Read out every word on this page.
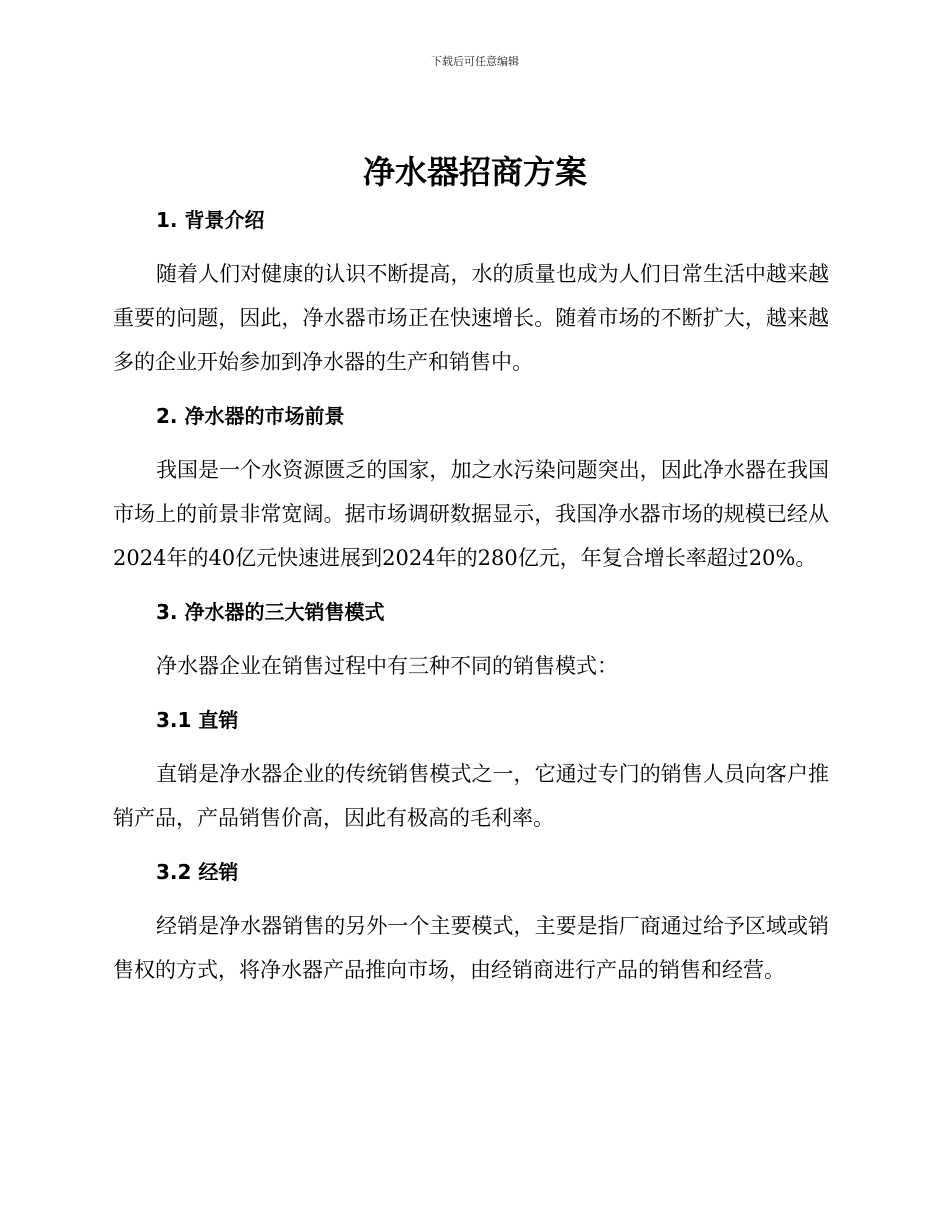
下载后可任意编辑
净水器招商方案
1. 背景介绍

随着人们对健康的认识不断提高，水的质量也成为人们日常生活中越来越重要的问题，因此，净水器市场正在快速增长。随着市场的不断扩大，越来越多的企业开始参加到净水器的生产和销售中。

2. 净水器的市场前景

我国是一个水资源匮乏的国家，加之水污染问题突出，因此净水器在我国市场上的前景非常宽阔。据市场调研数据显示，我国净水器市场的规模已经从2024年的40亿元快速进展到2024年的280亿元，年复合增长率超过20%。

3. 净水器的三大销售模式

净水器企业在销售过程中有三种不同的销售模式：

3.1 直销

直销是净水器企业的传统销售模式之一，它通过专门的销售人员向客户推销产品，产品销售价高，因此有极高的毛利率。

3.2 经销

经销是净水器销售的另外一个主要模式，主要是指厂商通过给予区域或销售权的方式，将净水器产品推向市场，由经销商进行产品的销售和经营。
